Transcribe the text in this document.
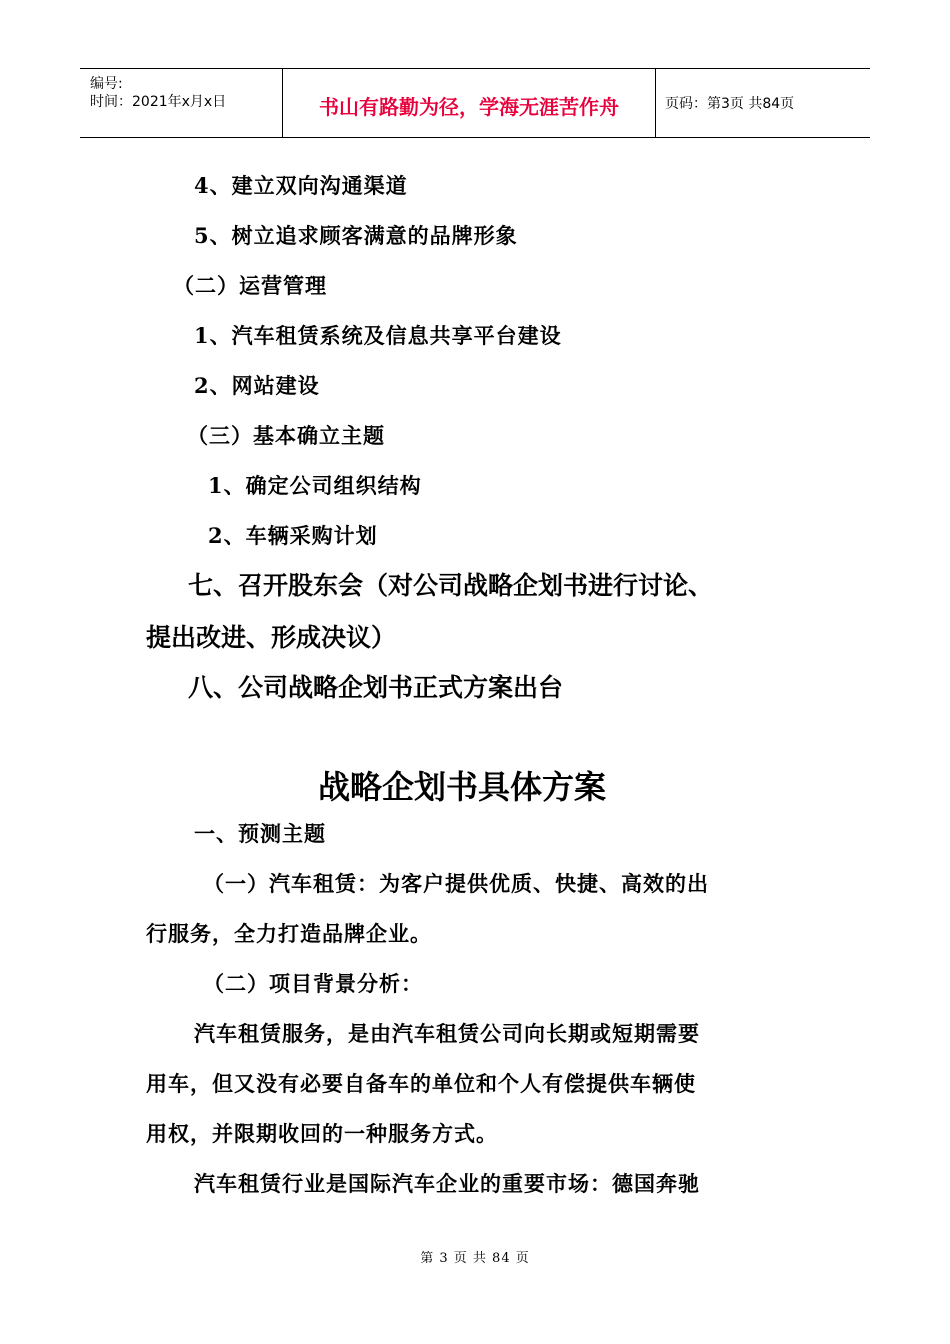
编号:
时间：2021年x月x日	书山有路勤为径，学海无涯苦作舟	页码：第3页 共84页
4、建立双向沟通渠道
5、树立追求顾客满意的品牌形象
（二）运营管理
1、汽车租赁系统及信息共享平台建设
2、网站建设
（三）基本确立主题
1、确定公司组织结构
2、车辆采购计划
七、召开股东会（对公司战略企划书进行讨论、
提出改进、形成决议）
八、公司战略企划书正式方案出台
战略企划书具体方案
一、预测主题
（一）汽车租赁：为客户提供优质、快捷、高效的出
行服务，全力打造品牌企业。
（二）项目背景分析：
汽车租赁服务，是由汽车租赁公司向长期或短期需要
用车，但又没有必要自备车的单位和个人有偿提供车辆使
用权，并限期收回的一种服务方式。
汽车租赁行业是国际汽车企业的重要市场：德国奔驰
第 3 页 共 84 页
